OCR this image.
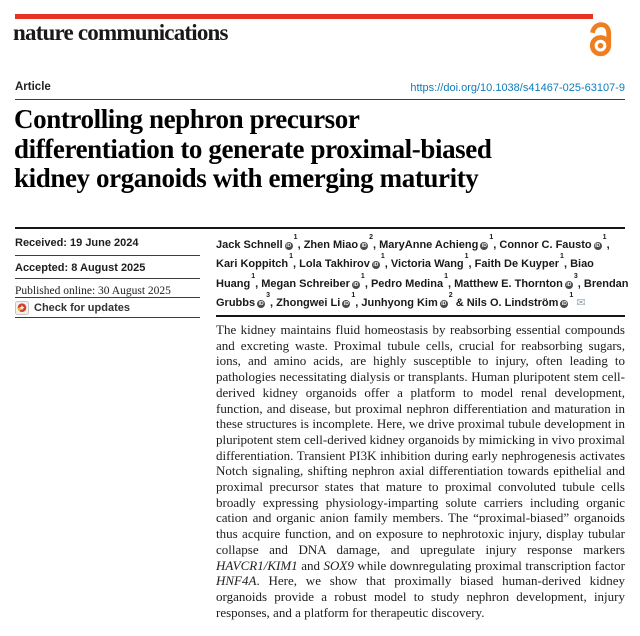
nature communications
Article	https://doi.org/10.1038/s41467-025-63107-9
Controlling nephron precursor
differentiation to generate proximal-biased
kidney organoids with emerging maturity
Received: 19 June 2024
Accepted: 8 August 2025
Published online: 30 August 2025
Check for updates
Jack Schnell $iD^1$, Zhen Miao $iD^2$, MaryAnne Achieng $iD^1$, Connor C. Fausto $iD^1$, Kari Koppitch$^1$, Lola Takhirov $iD^1$, Victoria Wang$^1$, Faith De Kuyper$^1$, Biao Huang$^1$, Megan Schreiber $iD^1$, Pedro Medina$^1$, Matthew E. Thornton $iD^3$, Brendan Grubbs $iD^3$, Zhongwei Li $iD^1$, Junhyong Kim $iD^2$ & Nils O. Lindström $iD^1✉$
The kidney maintains fluid homeostasis by reabsorbing essential compounds and excreting waste. Proximal tubule cells, crucial for reabsorbing sugars, ions, and amino acids, are highly susceptible to injury, often leading to pathologies necessitating dialysis or transplants. Human pluripotent stem cell-derived kidney organoids offer a platform to model renal development, function, and disease, but proximal nephron differentiation and maturation in these structures is incomplete. Here, we drive proximal tubule development in pluripotent stem cell-derived kidney organoids by mimicking in vivo proximal differentiation. Transient PI3K inhibition during early nephrogenesis activates Notch signaling, shifting nephron axial differentiation towards epithelial and proximal precursor states that mature to proximal convoluted tubule cells broadly expressing physiology-imparting solute carriers including organic cation and organic anion family members. The “proximal-biased” organoids thus acquire function, and on exposure to nephrotoxic injury, display tubular collapse and DNA damage, and upregulate injury response markers HAVCR1/KIM1 and SOX9 while downregulating proximal transcription factor HNF4A. Here, we show that proximally biased human-derived kidney organoids provide a robust model to study nephron development, injury responses, and a platform for therapeutic discovery.
